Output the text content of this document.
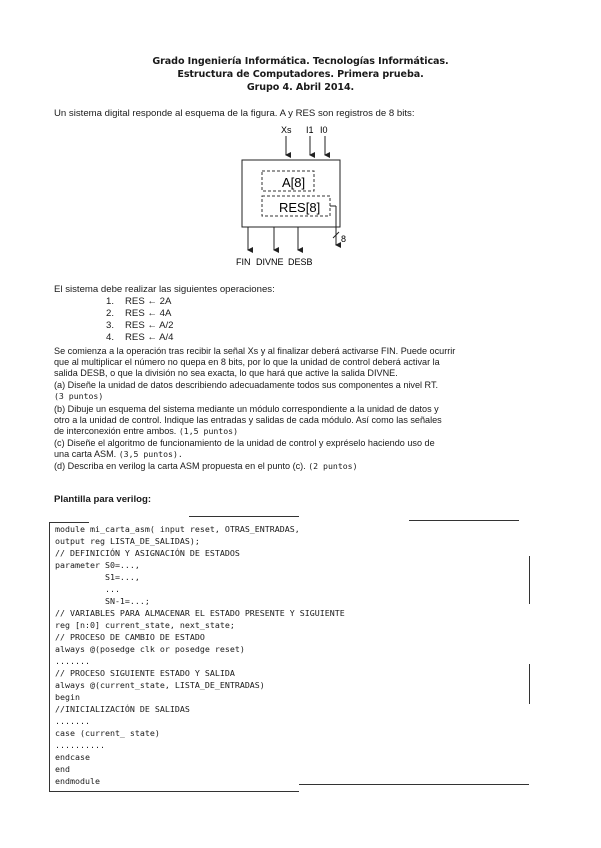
Grado Ingeniería Informática. Tecnologías Informáticas.
Estructura de Computadores. Primera prueba.
Grupo 4. Abril 2014.
Un sistema digital responde al esquema de la figura. A y RES son registros de 8 bits:
Xs I1 I0
A[8]
RES[8]
8
FIN DIVNE DESB
El sistema debe realizar las siguientes operaciones:
1. RES ← 2A
2. RES ← 4A
3. RES ← A/2
4. RES ← A/4
Se comienza a la operación tras recibir la señal Xs y al finalizar deberá activarse FIN. Puede ocurrir
que al multiplicar el número no quepa en 8 bits, por lo que la unidad de control deberá activar la
salida DESB, o que la división no sea exacta, lo que hará que active la salida DIVNE.
(a) Diseñe la unidad de datos describiendo adecuadamente todos sus componentes a nivel RT.
(3 puntos)
(b) Dibuje un esquema del sistema mediante un módulo correspondiente a la unidad de datos y
otro a la unidad de control. Indique las entradas y salidas de cada módulo. Así como las señales
de interconexión entre ambos. (1,5 puntos)
(c) Diseñe el algoritmo de funcionamiento de la unidad de control y expréselo haciendo uso de
una carta ASM. (3,5 puntos).
(d) Describa en verilog la carta ASM propuesta en el punto (c). (2 puntos)
Plantilla para verilog:
module mi_carta_asm( input reset, OTRAS_ENTRADAS,
output reg LISTA_DE_SALIDAS);
// DEFINICIÓN Y ASIGNACIÓN DE ESTADOS
parameter S0=...,
S1=...,
...
SN-1=...;
// VARIABLES PARA ALMACENAR EL ESTADO PRESENTE Y SIGUIENTE
reg [n:0] current_state, next_state;
// PROCESO DE CAMBIO DE ESTADO
always @(posedge clk or posedge reset)
.......
// PROCESO SIGUIENTE ESTADO Y SALIDA
always @(current_state, LISTA_DE_ENTRADAS)
begin
//INICIALIZACIÓN DE SALIDAS
.......
case (current_ state)
..........
endcase
end
endmodule
